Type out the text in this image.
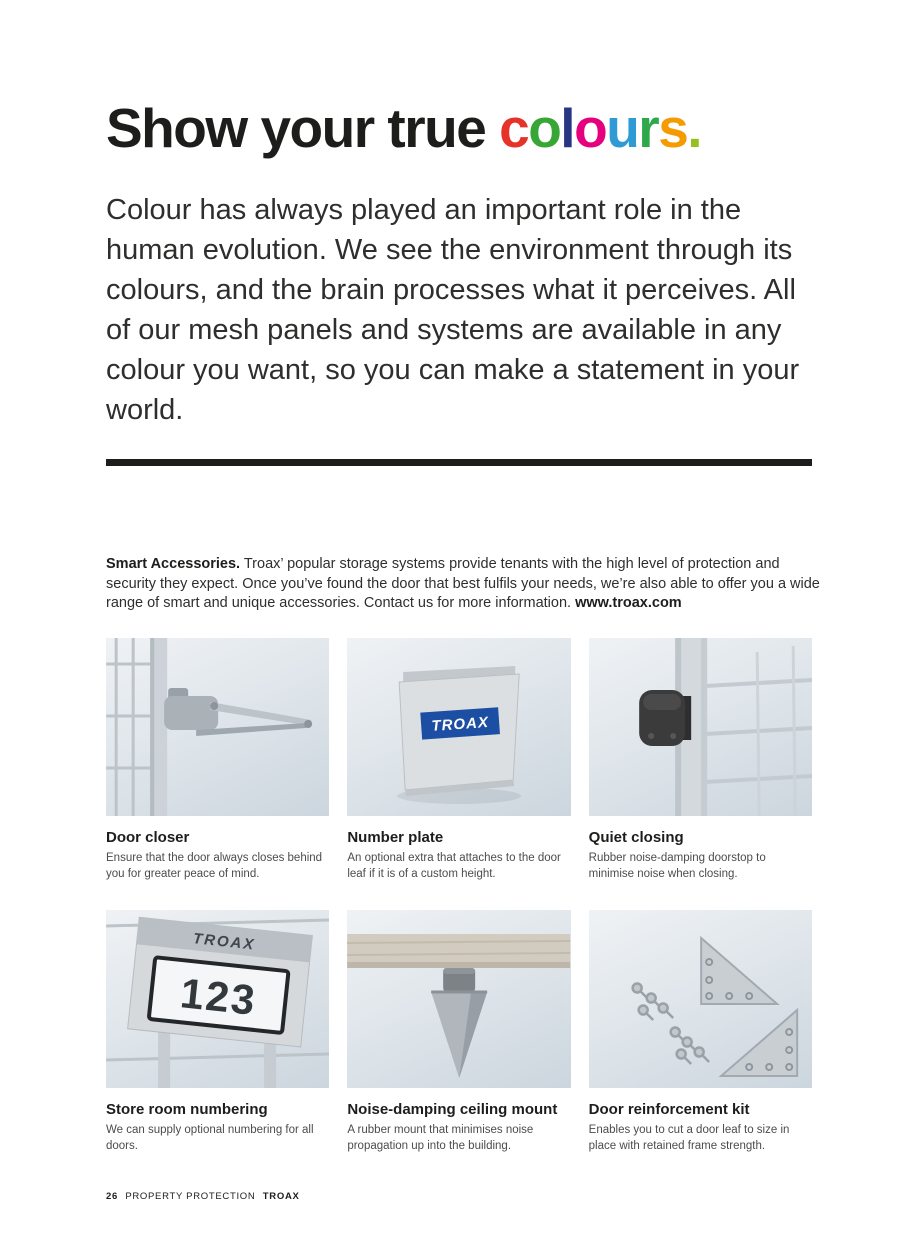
Show your true colours.

Colour has always played an important role in the human evolution. We see the environment through its colours, and the brain processes what it perceives. All of our mesh panels and systems are available in any colour you want, so you can make a statement in your world.

Smart Accessories. Troax’ popular storage systems provide tenants with the high level of protection and security they expect. Once you’ve found the door that best fulfils your needs, we’re also able to offer you a wide range of smart and unique accessories. Contact us for more information. www.troax.com

Door closer

Ensure that the door always closes behind you for greater peace of mind.

TROAX
Number plate

An optional extra that attaches to the door leaf if it is of a custom height.

Quiet closing

Rubber noise-damping doorstop to minimise noise when closing.

TROAX
123
Store room numbering

We can supply optional numbering for all doors.

Noise-damping ceiling mount

A rubber mount that minimises noise propagation up into the building.

Door reinforcement kit

Enables you to cut a door leaf to size in place with retained frame strength.

26 PROPERTY PROTECTION TROAX
